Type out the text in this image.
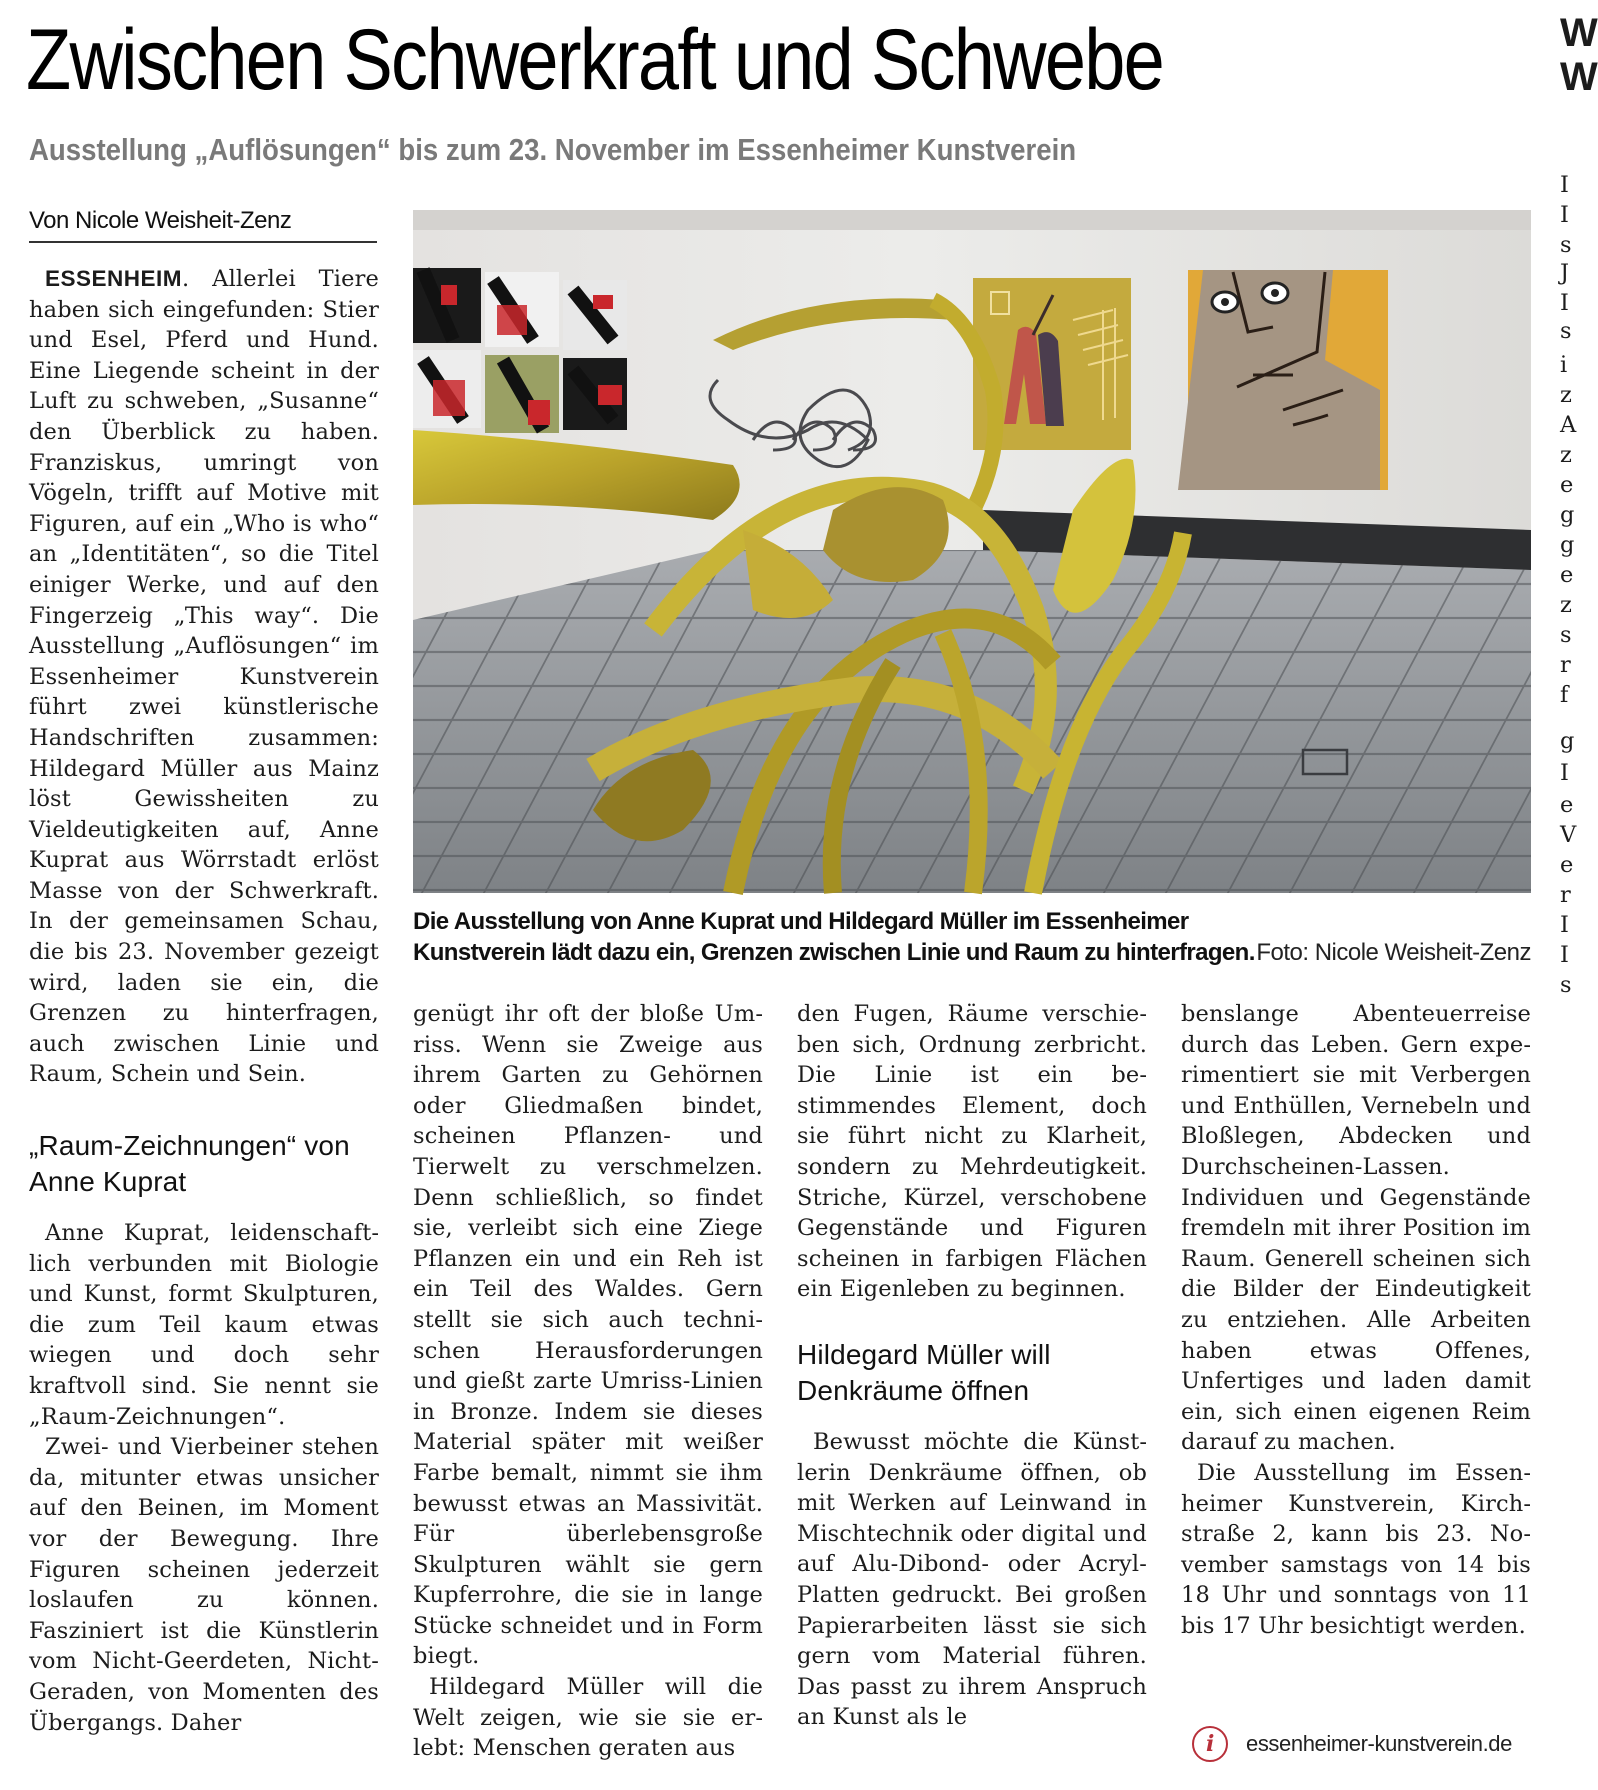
Zwischen Schwerkraft und Schwebe
Ausstellung „Auflösungen“ bis zum 23. November im Essenheimer Kunstverein
Von Nicole Weisheit-Zenz

ESSENHEIM. Allerlei Tiere haben sich eingefunden: Stier und Esel, Pferd und Hund. Eine Liegende scheint in der Luft zu schweben, „Susanne“ den Überblick zu haben. Franziskus, umringt von Vögeln, trifft auf Motive mit Figuren, auf ein „Who is who“ an „Identitäten“, so die Titel einiger Werke, und auf den Fingerzeig „This way“. Die Ausstellung „Auflösungen“ im Essenheimer Kunstverein führt zwei künstlerische Handschriften zusammen: Hildegard Müller aus Mainz löst Gewissheiten zu Vieldeutigkeiten auf, Anne Kuprat aus Wörrstadt erlöst Masse von der Schwerkraft. In der gemeinsamen Schau, die bis 23. November gezeigt wird, laden sie ein, die Grenzen zu hinterfragen, auch zwischen Linie und Raum, Schein und Sein.

„Raum-Zeichnungen“ von Anne Kuprat

Anne Kuprat, leidenschaftlich verbunden mit Biologie und Kunst, formt Skulpturen, die zum Teil kaum etwas wiegen und doch sehr kraftvoll sind. Sie nennt sie „Raum-Zeichnungen“.

Zwei- und Vierbeiner stehen da, mitunter etwas unsicher auf den Beinen, im Moment vor der Bewegung. Ihre Figuren scheinen jederzeit loslaufen zu können. Fasziniert ist die Künstlerin vom Nicht-Geerdeten, Nicht-Geraden, von Momenten des Übergangs. Daher

Die Ausstellung von Anne Kuprat und Hildegard Müller im Essenheimer Kunstverein lädt dazu ein, Grenzen zwischen Linie und Raum zu hinterfragen. Foto: Nicole Weisheit-Zenz

genügt ihr oft der bloße Umriss. Wenn sie Zweige aus ihrem Garten zu Gehörnen oder Gliedmaßen bindet, scheinen Pflanzen- und Tierwelt zu verschmelzen. Denn schließlich, so findet sie, verleibt sich eine Ziege Pflanzen ein und ein Reh ist ein Teil des Waldes. Gern stellt sie sich auch technischen Herausforderungen und gießt zarte Umriss-Linien in Bronze. Indem sie dieses Material später mit weißer Farbe bemalt, nimmt sie ihm bewusst etwas an Massivität. Für überlebensgroße Skulpturen wählt sie gern Kupferrohre, die sie in lange Stücke schneidet und in Form biegt.

Hildegard Müller will die Welt zeigen, wie sie sie erlebt: Menschen geraten aus

den Fugen, Räume verschieben sich, Ordnung zerbricht. Die Linie ist ein bestimmendes Element, doch sie führt nicht zu Klarheit, sondern zu Mehrdeutigkeit. Striche, Kürzel, verschobene Gegenstände und Figuren scheinen in farbigen Flächen ein Eigenleben zu beginnen.

Hildegard Müller will Denkräume öffnen

Bewusst möchte die Künstlerin Denkräume öffnen, ob mit Werken auf Leinwand in Mischtechnik oder digital und auf Alu-Dibond- oder Acryl-Platten gedruckt. Bei großen Papierarbeiten lässt sie sich gern vom Material führen. Das passt zu ihrem Anspruch an Kunst als le

benslange Abenteuerreise durch das Leben. Gern experimentiert sie mit Verbergen und Enthüllen, Vernebeln und Bloßlegen, Abdecken und Durchscheinen-Lassen. Individuen und Gegenstände fremdeln mit ihrer Position im Raum. Generell scheinen sich die Bilder der Eindeutigkeit zu entziehen. Alle Arbeiten haben etwas Offenes, Unfertiges und laden damit ein, sich einen eigenen Reim darauf zu machen.

Die Ausstellung im Essenheimer Kunstverein, Kirchstraße 2, kann bis 23. November samstags von 14 bis 18 Uhr und sonntags von 11 bis 17 Uhr besichtigt werden.

i	essenheimer-kunstverein.de
W
W
I
I
s
J
I
s
i
z
A
z
e
g
g
e
z
s
r
f
g
I
e
V
e
r
I
I
s
